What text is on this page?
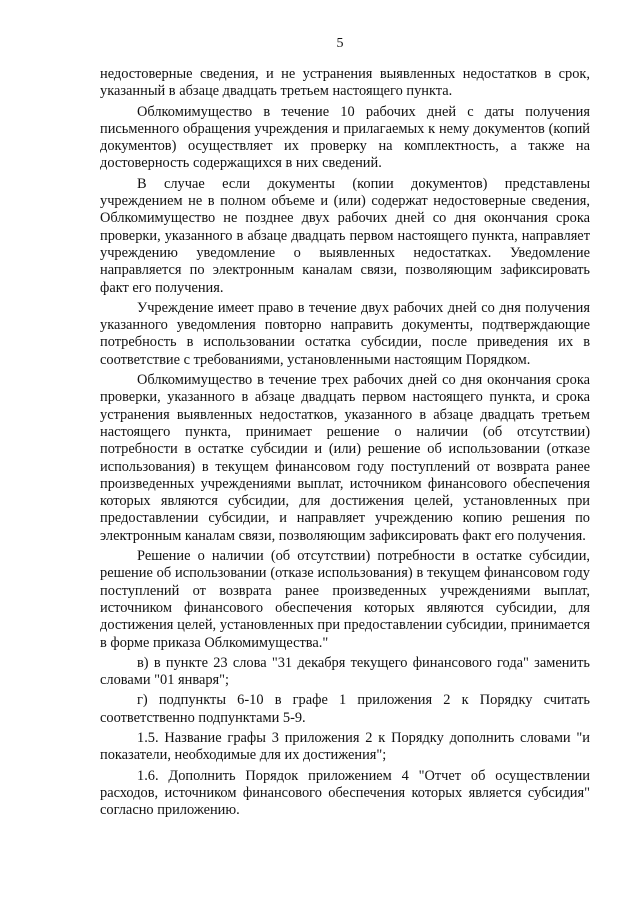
5

недостоверные сведения, и не устранения выявленных недостатков в срок, указанный в абзаце двадцать третьем настоящего пункта.

Облкомимущество в течение 10 рабочих дней с даты получения письменного обращения учреждения и прилагаемых к нему документов (копий документов) осуществляет их проверку на комплектность, а также на достоверность содержащихся в них сведений.

В случае если документы (копии документов) представлены учреждением не в полном объеме и (или) содержат недостоверные сведения, Облкомимущество не позднее двух рабочих дней со дня окончания срока проверки, указанного в абзаце двадцать первом настоящего пункта, направляет учреждению уведомление о выявленных недостатках. Уведомление направляется по электронным каналам связи, позволяющим зафиксировать факт его получения.

Учреждение имеет право в течение двух рабочих дней со дня получения указанного уведомления повторно направить документы, подтверждающие потребность в использовании остатка субсидии, после приведения их в соответствие с требованиями, установленными настоящим Порядком.

Облкомимущество в течение трех рабочих дней со дня окончания срока проверки, указанного в абзаце двадцать первом настоящего пункта, и срока устранения выявленных недостатков, указанного в абзаце двадцать третьем настоящего пункта, принимает решение о наличии (об отсутствии) потребности в остатке субсидии и (или) решение об использовании (отказе использования) в текущем финансовом году поступлений от возврата ранее произведенных учреждениями выплат, источником финансового обеспечения которых являются субсидии, для достижения целей, установленных при предоставлении субсидии, и направляет учреждению копию решения по электронным каналам связи, позволяющим зафиксировать факт его получения.

Решение о наличии (об отсутствии) потребности в остатке субсидии, решение об использовании (отказе использования) в текущем финансовом году поступлений от возврата ранее произведенных учреждениями выплат, источником финансового обеспечения которых являются субсидии, для достижения целей, установленных при предоставлении субсидии, принимается в форме приказа Облкомимущества."

в) в пункте 23 слова "31 декабря текущего финансового года" заменить словами "01 января";

г) подпункты 6-10 в графе 1 приложения 2 к Порядку считать соответственно подпунктами 5-9.

1.5. Название графы 3 приложения 2 к Порядку дополнить словами "и показатели, необходимые для их достижения";

1.6. Дополнить Порядок приложением 4 "Отчет об осуществлении расходов, источником финансового обеспечения которых является субсидия" согласно приложению.
